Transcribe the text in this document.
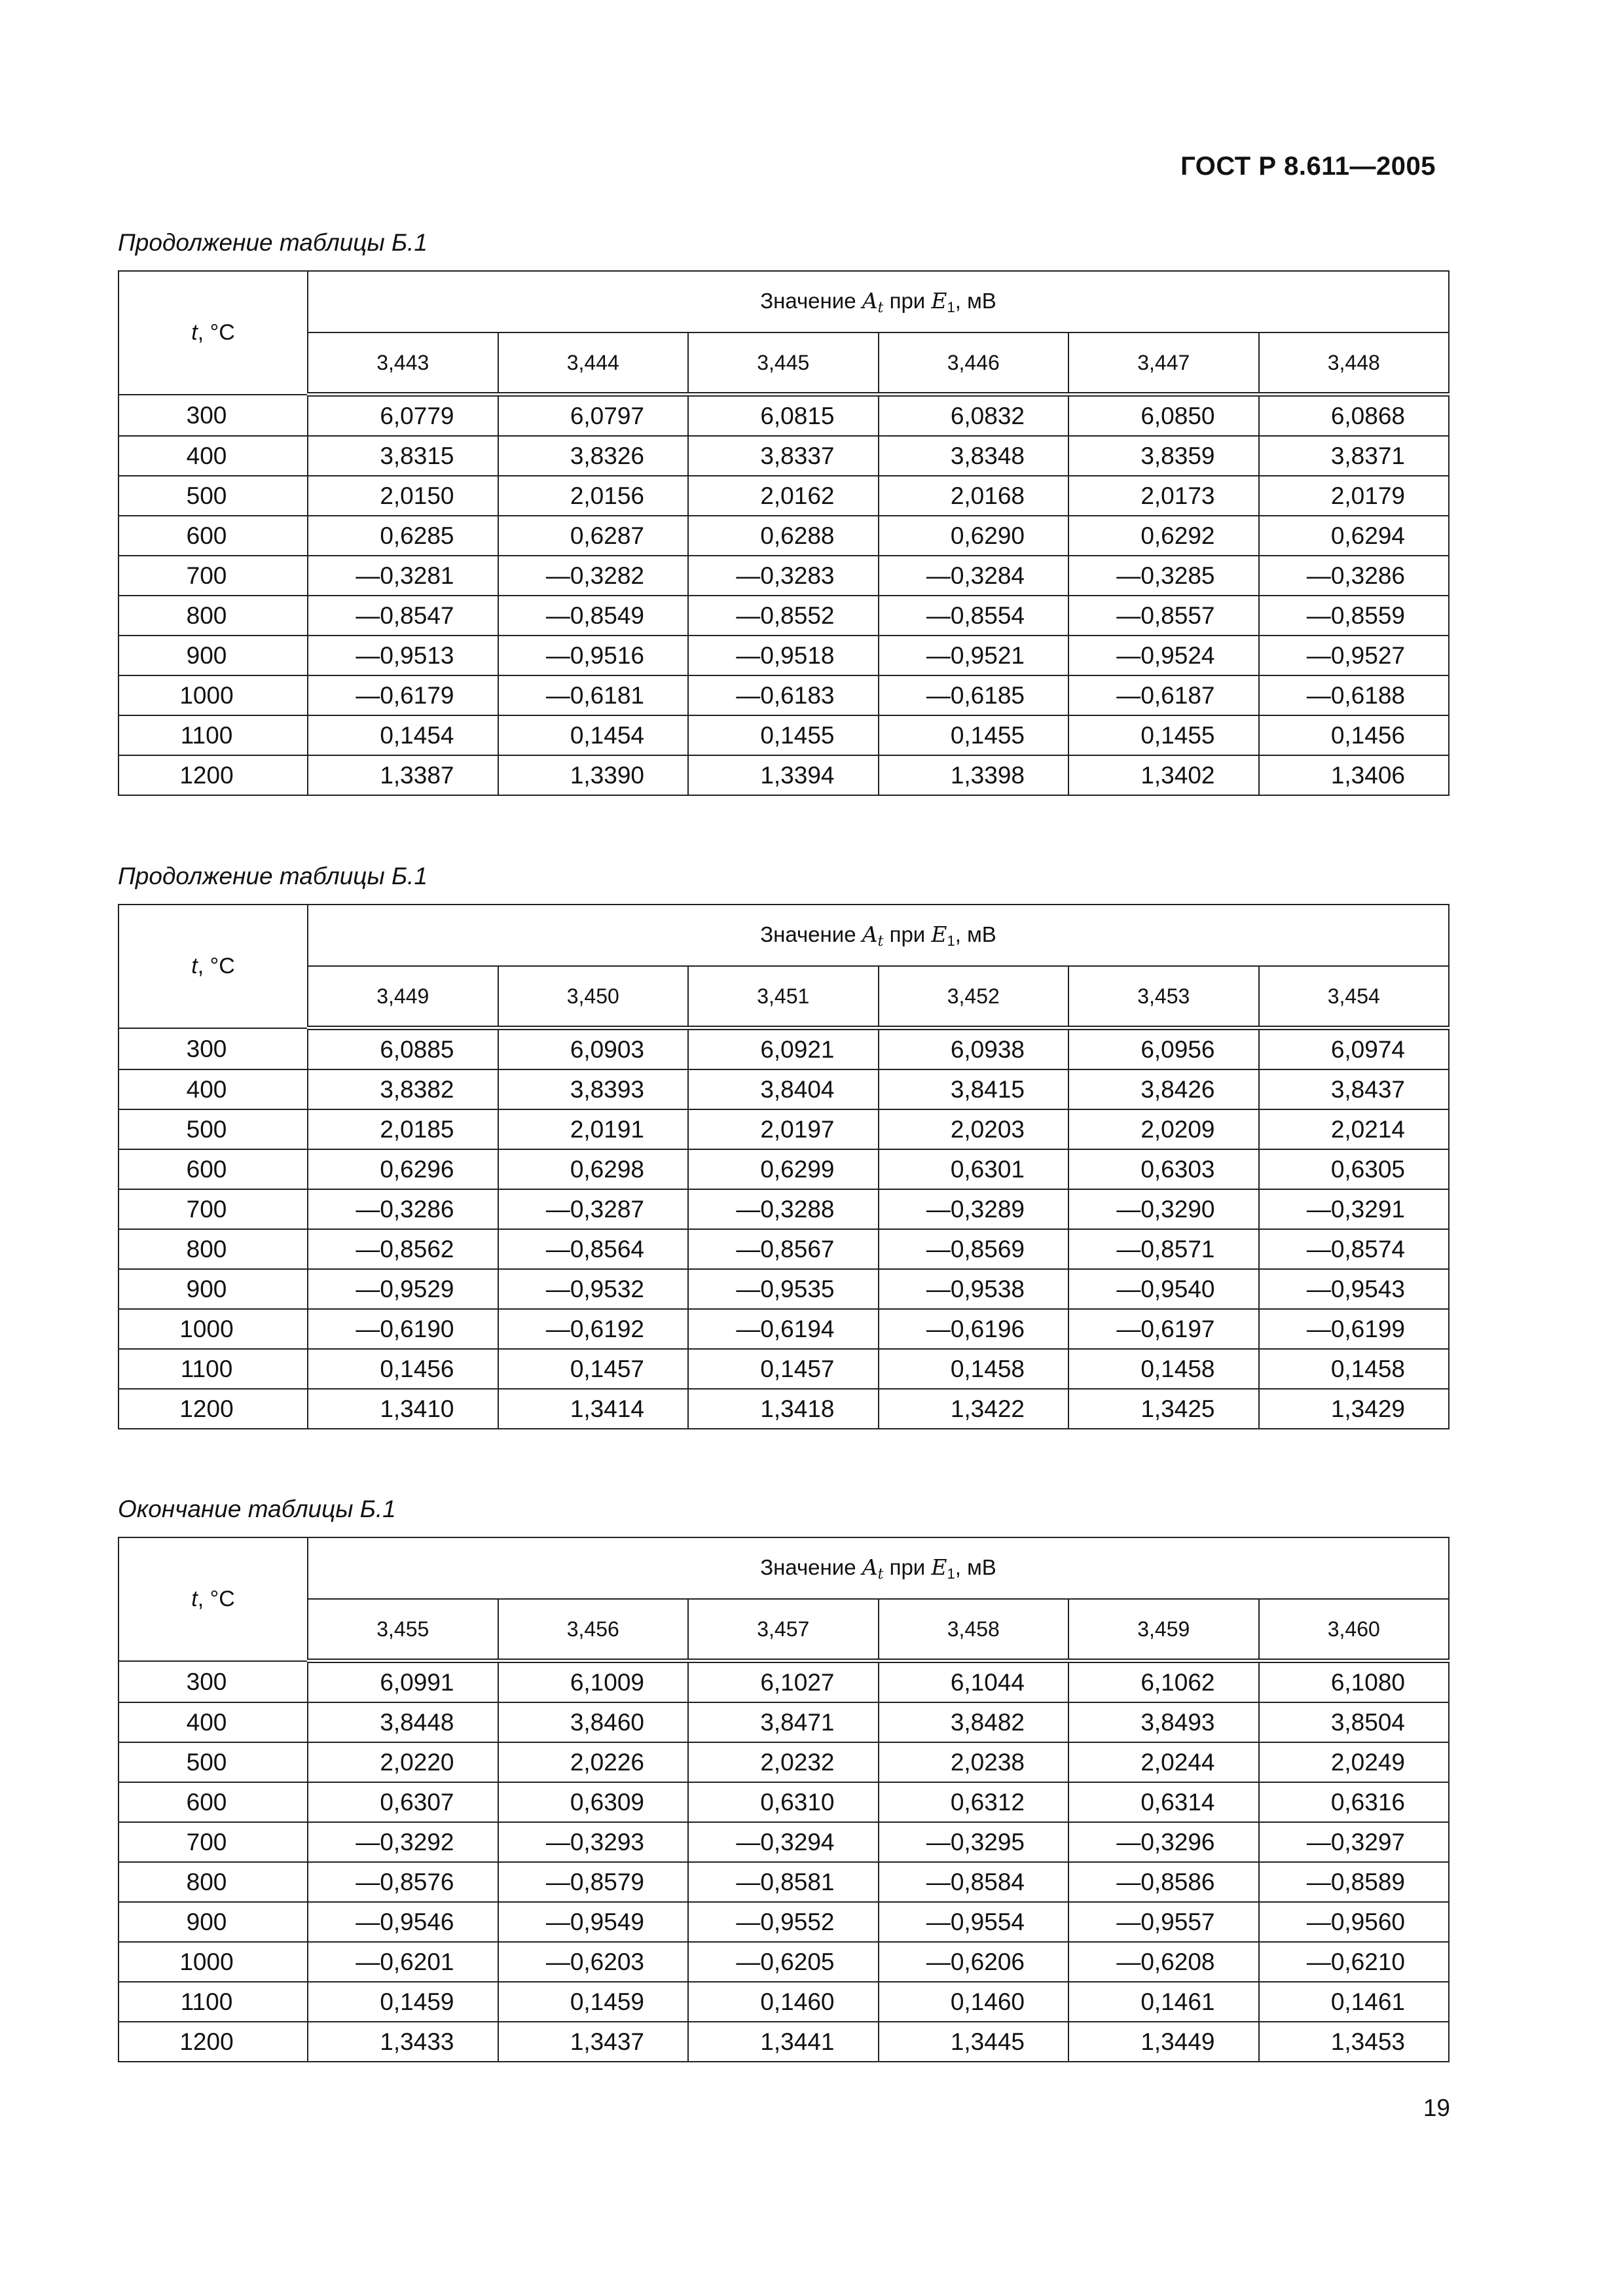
ГОСТ Р 8.611—2005
Продолжение таблицы Б.1
t, °C	Значение $A_t$ при $E_1$, мВ					
	3,443	3,444	3,445	3,446	3,447	3,448
300	6,0779	6,0797	6,0815	6,0832	6,0850	6,0868
400	3,8315	3,8326	3,8337	3,8348	3,8359	3,8371
500	2,0150	2,0156	2,0162	2,0168	2,0173	2,0179
600	0,6285	0,6287	0,6288	0,6290	0,6292	0,6294
700	—0,3281	—0,3282	—0,3283	—0,3284	—0,3285	—0,3286
800	—0,8547	—0,8549	—0,8552	—0,8554	—0,8557	—0,8559
900	—0,9513	—0,9516	—0,9518	—0,9521	—0,9524	—0,9527
1000	—0,6179	—0,6181	—0,6183	—0,6185	—0,6187	—0,6188
1100	0,1454	0,1454	0,1455	0,1455	0,1455	0,1456
1200	1,3387	1,3390	1,3394	1,3398	1,3402	1,3406
Продолжение таблицы Б.1
t, °C	Значение $A_t$ при $E_1$, мВ					
	3,449	3,450	3,451	3,452	3,453	3,454
300	6,0885	6,0903	6,0921	6,0938	6,0956	6,0974
400	3,8382	3,8393	3,8404	3,8415	3,8426	3,8437
500	2,0185	2,0191	2,0197	2,0203	2,0209	2,0214
600	0,6296	0,6298	0,6299	0,6301	0,6303	0,6305
700	—0,3286	—0,3287	—0,3288	—0,3289	—0,3290	—0,3291
800	—0,8562	—0,8564	—0,8567	—0,8569	—0,8571	—0,8574
900	—0,9529	—0,9532	—0,9535	—0,9538	—0,9540	—0,9543
1000	—0,6190	—0,6192	—0,6194	—0,6196	—0,6197	—0,6199
1100	0,1456	0,1457	0,1457	0,1458	0,1458	0,1458
1200	1,3410	1,3414	1,3418	1,3422	1,3425	1,3429
Окончание таблицы Б.1
t, °C	Значение $A_t$ при $E_1$, мВ					
	3,455	3,456	3,457	3,458	3,459	3,460
300	6,0991	6,1009	6,1027	6,1044	6,1062	6,1080
400	3,8448	3,8460	3,8471	3,8482	3,8493	3,8504
500	2,0220	2,0226	2,0232	2,0238	2,0244	2,0249
600	0,6307	0,6309	0,6310	0,6312	0,6314	0,6316
700	—0,3292	—0,3293	—0,3294	—0,3295	—0,3296	—0,3297
800	—0,8576	—0,8579	—0,8581	—0,8584	—0,8586	—0,8589
900	—0,9546	—0,9549	—0,9552	—0,9554	—0,9557	—0,9560
1000	—0,6201	—0,6203	—0,6205	—0,6206	—0,6208	—0,6210
1100	0,1459	0,1459	0,1460	0,1460	0,1461	0,1461
1200	1,3433	1,3437	1,3441	1,3445	1,3449	1,3453
19
